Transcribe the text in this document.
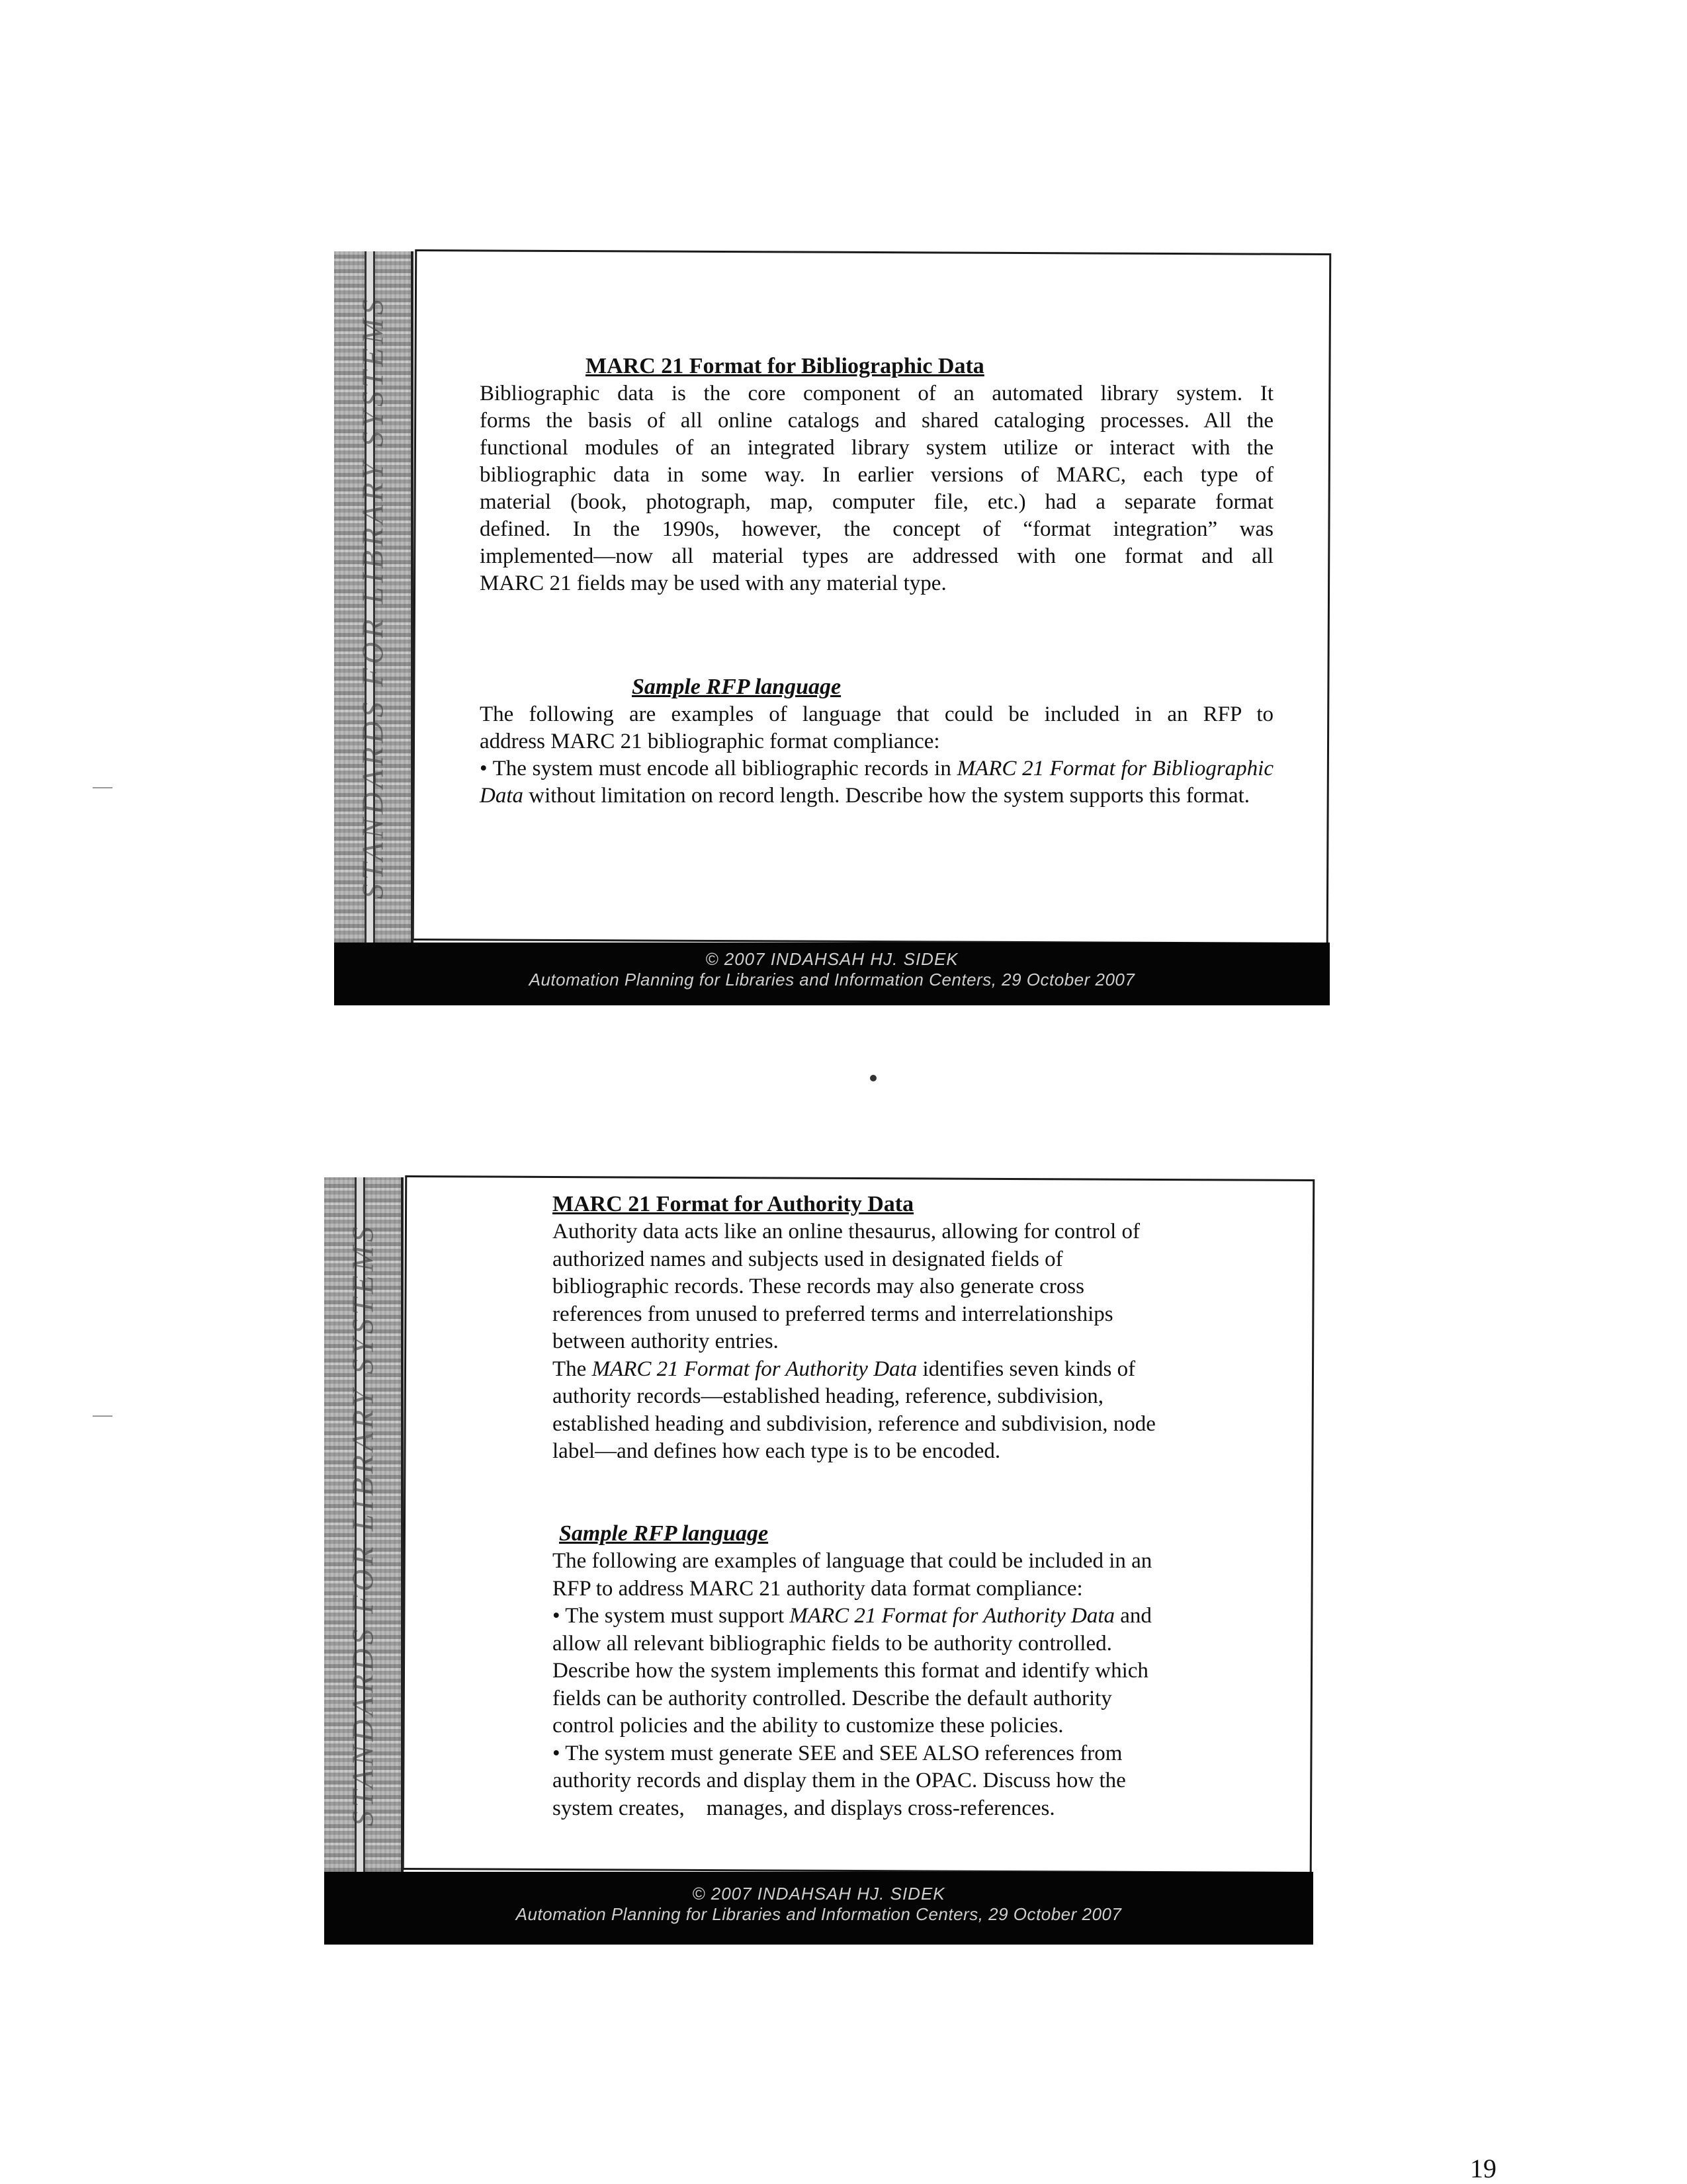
STANDARDS FOR LIBRARY SYSTEMS	MARC 21 Format for Bibliographic Data

Bibliographic data is the core component of an automated library system. It

forms the basis of all online catalogs and shared cataloging processes. All the

functional modules of an integrated library system utilize or interact with the

bibliographic data in some way. In earlier versions of MARC, each type of

material (book, photograph, map, computer file, etc.) had a separate format

defined. In the 1990s, however, the concept of “format integration” was

implemented—now all material types are addressed with one format and all

MARC 21 fields may be used with any material type.

Sample RFP language

The following are examples of language that could be included in an RFP to

address MARC 21 bibliographic format compliance:

• The system must encode all bibliographic records in MARC 21 Format for Bibliographic Data without limitation on record length. Describe how the system supports this format.

© 2007 INDAHSAH HJ. SIDEK
Automation Planning for Libraries and Information Centers, 29 October 2007
STANDARDS FOR LIBRARY SYSTEMS
MARC 21 Format for Authority Data

Authority data acts like an online thesaurus, allowing for control of

authorized names and subjects used in designated fields of

bibliographic records. These records may also generate cross

references from unused to preferred terms and interrelationships

between authority entries.

The MARC 21 Format for Authority Data identifies seven kinds of

authority records—established heading, reference, subdivision,

established heading and subdivision, reference and subdivision, node

label—and defines how each type is to be encoded.

Sample RFP language

The following are examples of language that could be included in an

RFP to address MARC 21 authority data format compliance:

• The system must support MARC 21 Format for Authority Data and

allow all relevant bibliographic fields to be authority controlled.

Describe how the system implements this format and identify which

fields can be authority controlled. Describe the default authority

control policies and the ability to customize these policies.

• The system must generate SEE and SEE ALSO references from

authority records and display them in the OPAC. Discuss how the

system creates,    manages, and displays cross-references.

© 2007 INDAHSAH HJ. SIDEK
Automation Planning for Libraries and Information Centers, 29 October 2007
19
